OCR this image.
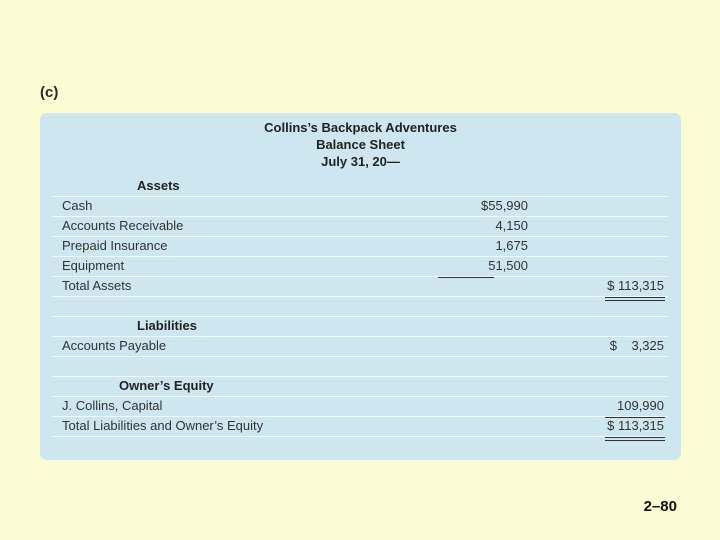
(c)
Collins’s Backpack Adventures
Balance Sheet
July 31, 20—
Assets
Cash	$55,990
Accounts Receivable	4,150
Prepaid Insurance	1,675
Equipment	51,500
Total Assets	$ 113,315
Liabilities
Accounts Payable	$    3,325
Owner’s Equity
J. Collins, Capital	109,990
Total Liabilities and Owner’s Equity	$ 113,315
2–80
